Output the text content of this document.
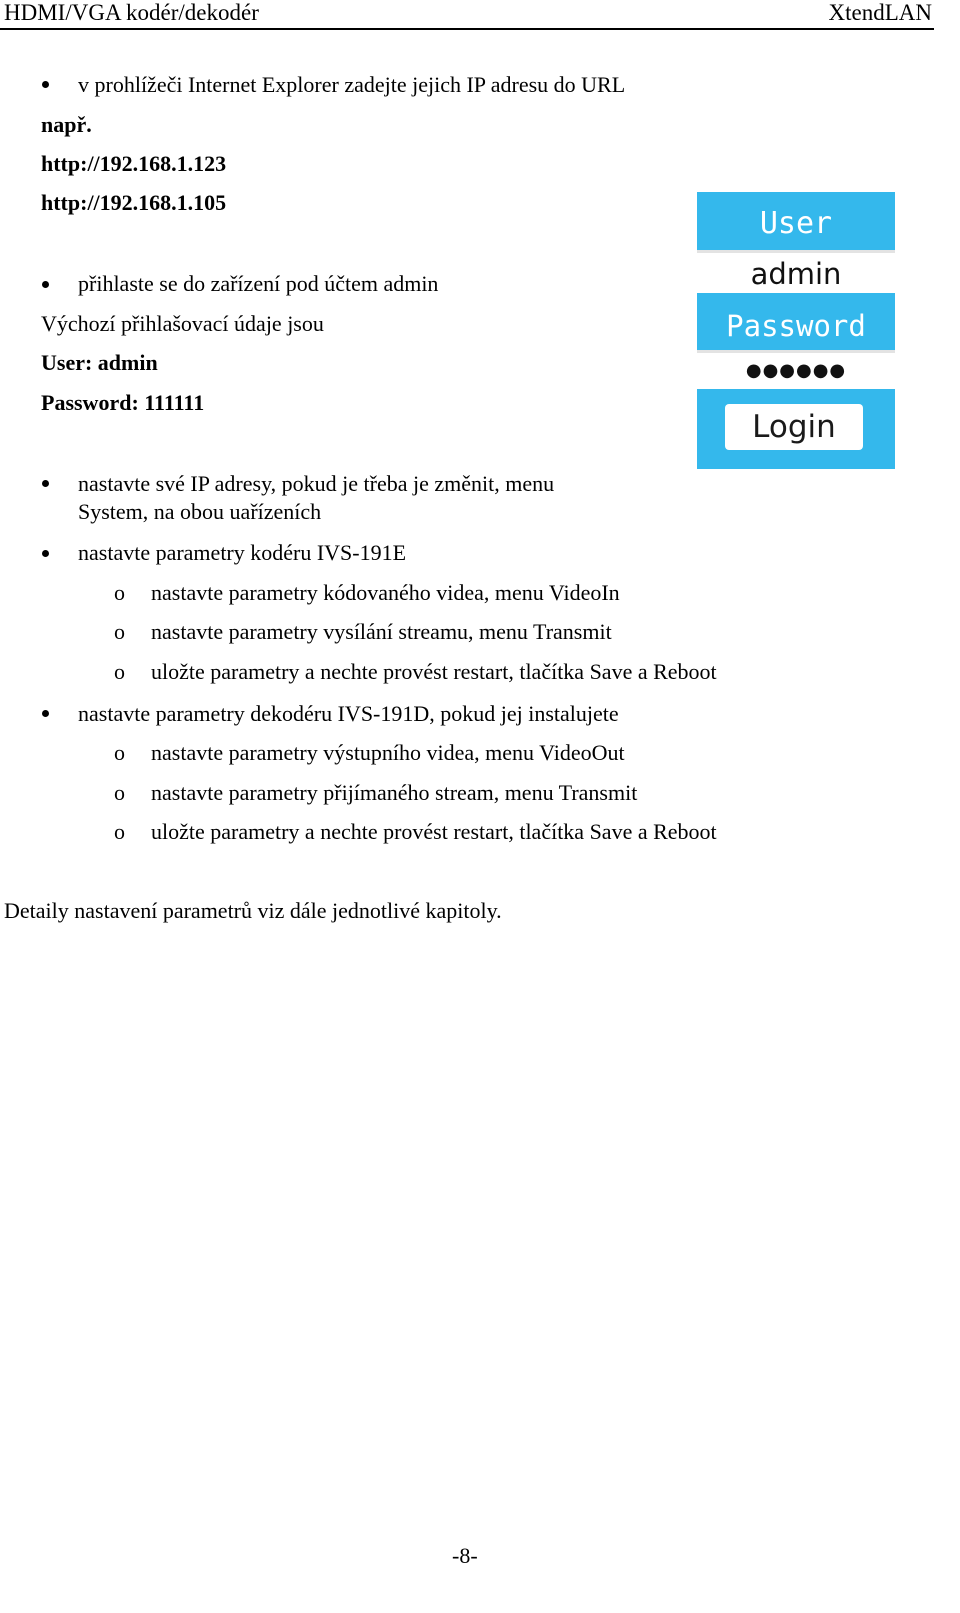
HDMI/VGA kodér/dekodér	XtendLAN
v prohlížeči Internet Explorer zadejte jejich IP adresu do URL
např.
http://192.168.1.123
http://192.168.1.105
přihlaste se do zařízení pod účtem admin
Výchozí přihlašovací údaje jsou
User: admin
Password: 111111
nastavte své IP adresy, pokud je třeba je změnit, menu
System, na obou uařízeních
nastavte parametry kodéru IVS-191E
o nastavte parametry kódovaného videa, menu VideoIn
o nastavte parametry vysílání streamu, menu Transmit
o uložte parametry a nechte provést restart, tlačítka Save a Reboot
nastavte parametry dekodéru IVS-191D, pokud jej instalujete
o nastavte parametry výstupního videa, menu VideoOut
o nastavte parametry přijímaného stream, menu Transmit
o uložte parametry a nechte provést restart, tlačítka Save a Reboot
Detaily nastavení parametrů viz dále jednotlivé kapitoly.
User
admin
Password
●●●●●●
Login
-8-
